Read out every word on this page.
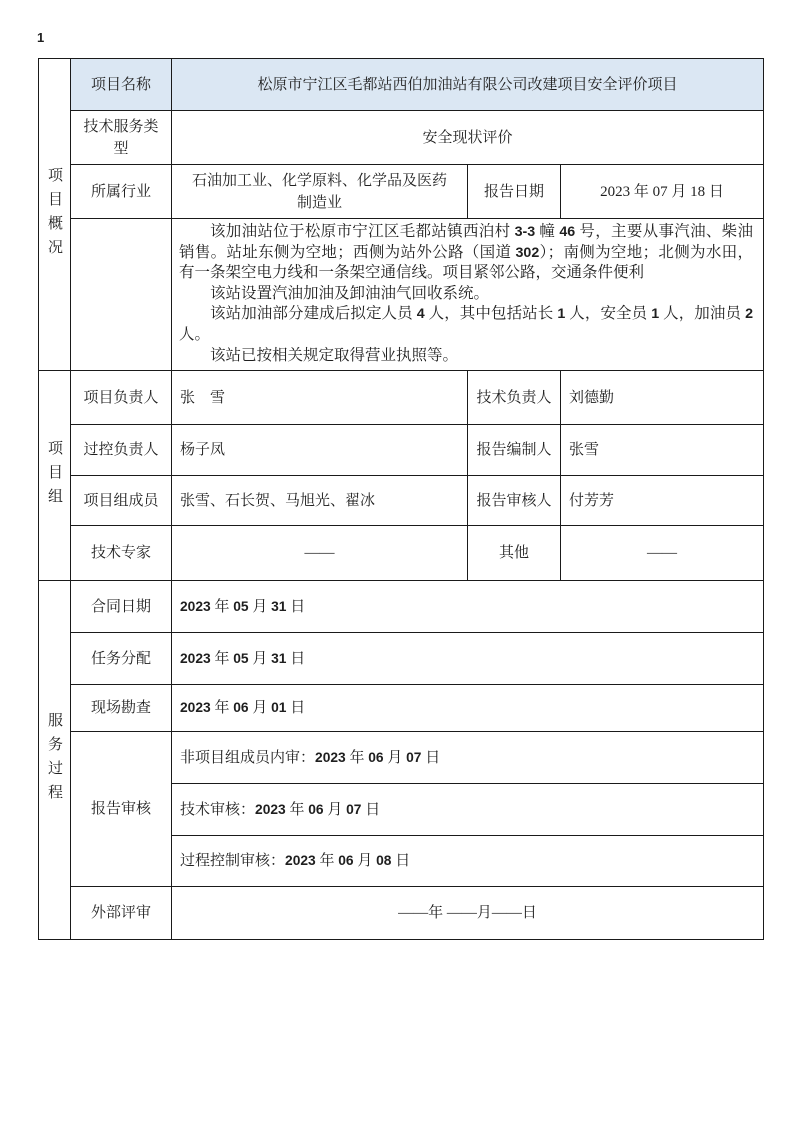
1
项目概况	项目名称	松原市宁江区毛都站西伯加油站有限公司改建项目安全评价项目		
	技术服务类型	安全现状评价		
	所属行业	石油加工业、化学原料、化学品及医药制造业	报告日期	2023 年 07 月 18 日

		该加油站位于松原市宁江区毛都站镇西泊村 3-3 幢 46 号，主要从事汽油、柴油销售。站址东侧为空地；西侧为站外公路（国道 302）；南侧为空地；北侧为水田，有一条架空电力线和一条架空通信线。项目紧邻公路，交通条件便利

该站设置汽油加油及卸油油气回收系统。

该站加油部分建成后拟定人员 4 人，其中包括站长 1 人，安全员 1 人，加油员 2 人。

该站已按相关规定取得营业执照等。		

项目组	项目负责人	张　雪	技术负责人	刘德勤
	过控负责人	杨子凤	报告编制人	张雪
	项目组成员	张雪、石长贺、马旭光、翟冰	报告审核人	付芳芳
	技术专家	——	其他	——
服务过程	合同日期	2023 年 05 月 31 日		
	任务分配	2023 年 05 月 31 日		
	现场勘查	2023 年 06 月 01 日		
	报告审核	非项目组成员内审：2023 年 06 月 07 日		
		技术审核：2023 年 06 月 07 日		
		过程控制审核：2023 年 06 月 08 日		
	外部评审	——年 ——月——日		
